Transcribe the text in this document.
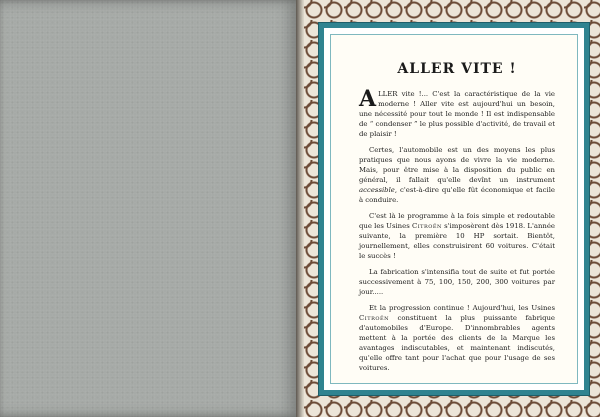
ALLER VITE !

ALLER vite !... C'est la caractéristique de la vie moderne ! Aller vite est aujourd'hui un besoin, une nécessité pour tout le monde ! Il est indispensable de “ condenser ” le plus possible d'activité, de travail et de plaisir !

Certes, l'automobile est un des moyens les plus pratiques que nous ayons de vivre la vie moderne. Mais, pour être mise à la disposition du public en général, il fallait qu'elle devînt un instrument accessible, c'est-à-dire qu'elle fût économique et facile à conduire.

C'est là le programme à la fois simple et redoutable que les Usines Citroën s'imposèrent dès 1918. L'année suivante, la première 10 HP sortait. Bientôt, journellement, elles construisirent 60 voitures. C'était le succès !

La fabrication s'intensifia tout de suite et fut portée successivement à 75, 100, 150, 200, 300 voitures par jour.....

Et la progression continue ! Aujourd'hui, les Usines Citroën constituent la plus puissante fabrique d'automobiles d'Europe. D'innombrables agents mettent à la portée des clients de la Marque les avantages indiscutables, et maintenant indiscutés, qu'elle offre tant pour l'achat que pour l'usage de ses voitures.
